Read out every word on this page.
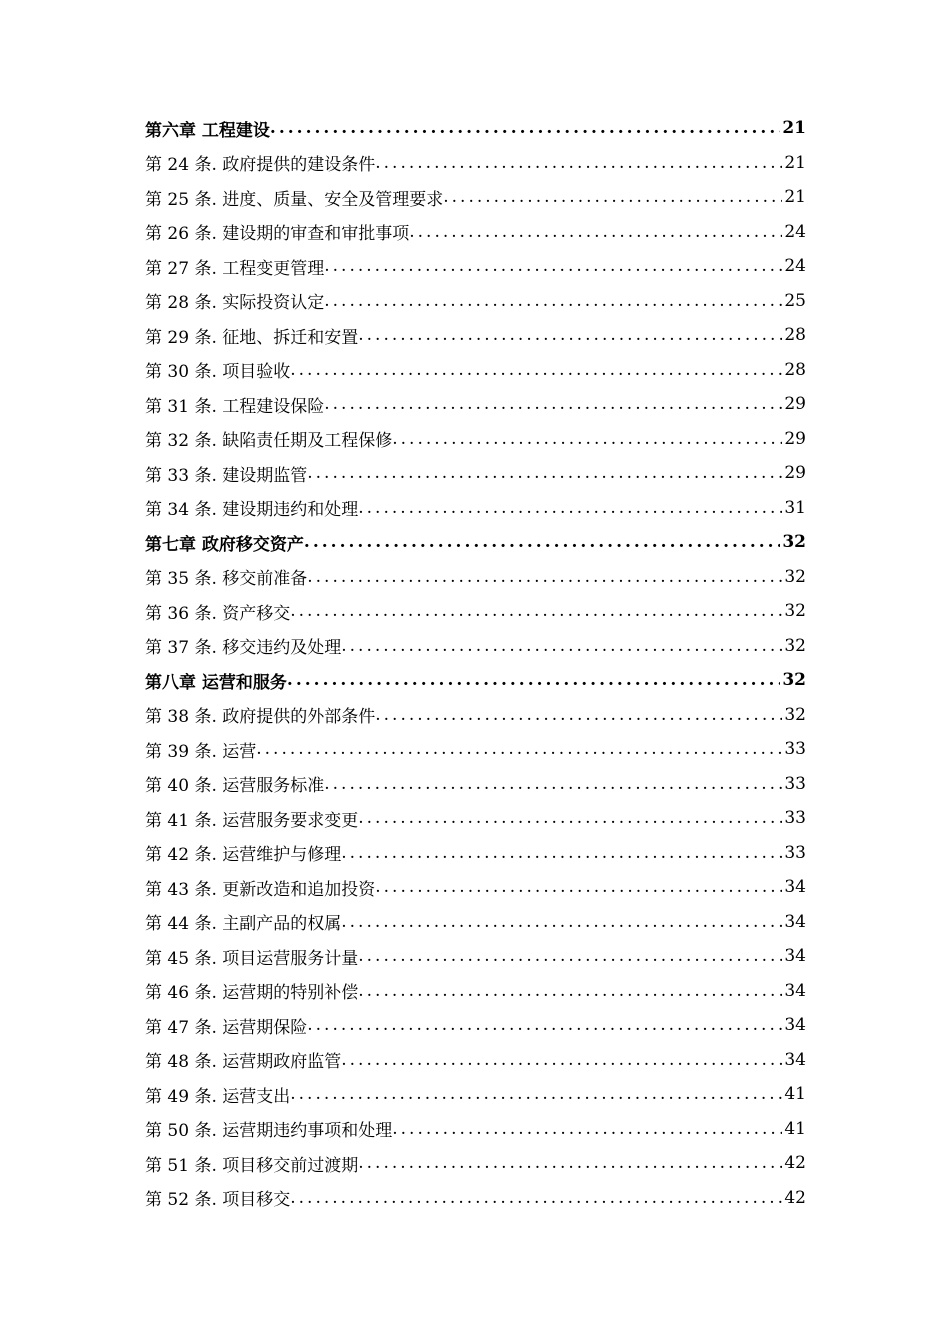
第六章 工程建设 .....	21
第 24 条. 政府提供的建设条件 .....	21
第 25 条. 进度、质量、安全及管理要求 .....	21
第 26 条. 建设期的审查和审批事项 .....	24
第 27 条. 工程变更管理 .....	24
第 28 条. 实际投资认定 .....	25
第 29 条. 征地、拆迁和安置 .....	28
第 30 条. 项目验收 .....	28
第 31 条. 工程建设保险 .....	29
第 32 条. 缺陷责任期及工程保修 .....	29
第 33 条. 建设期监管 .....	29
第 34 条. 建设期违约和处理 .....	31
第七章 政府移交资产 .....	32
第 35 条. 移交前准备 .....	32
第 36 条. 资产移交 .....	32
第 37 条. 移交违约及处理 .....	32
第八章 运营和服务 .....	32
第 38 条. 政府提供的外部条件 .....	32
第 39 条. 运营 .....	33
第 40 条. 运营服务标准 .....	33
第 41 条. 运营服务要求变更 .....	33
第 42 条. 运营维护与修理 .....	33
第 43 条. 更新改造和追加投资 .....	34
第 44 条. 主副产品的权属 .....	34
第 45 条. 项目运营服务计量 .....	34
第 46 条. 运营期的特别补偿 .....	34
第 47 条. 运营期保险 .....	34
第 48 条. 运营期政府监管 .....	34
第 49 条. 运营支出 .....	41
第 50 条. 运营期违约事项和处理 .....	41
第 51 条. 项目移交前过渡期 .....	42
第 52 条. 项目移交 .....	42
